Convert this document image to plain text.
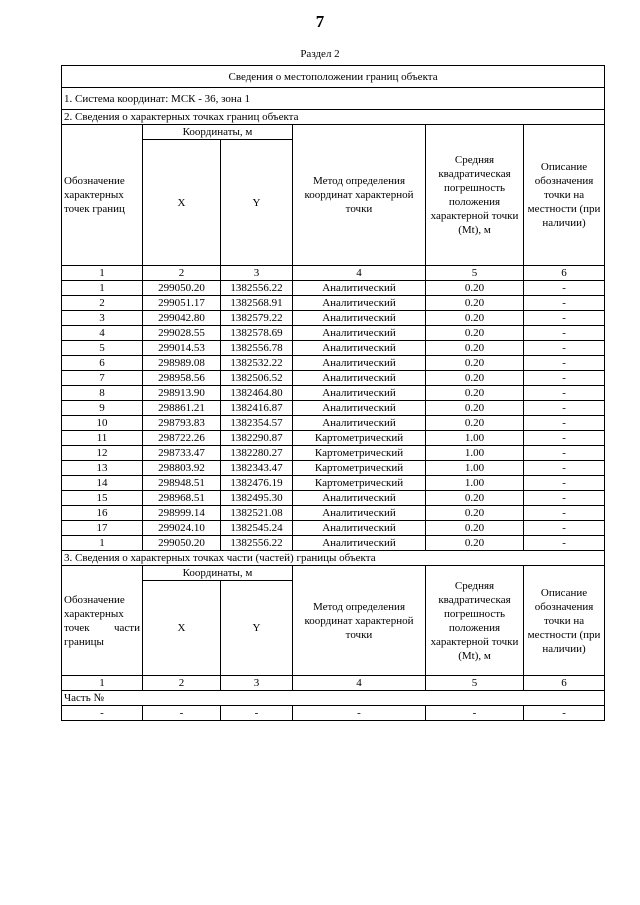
7
Раздел 2
Сведения о местоположении границ объекта					
1. Система координат: МСК - 36, зона 1					
2. Сведения о характерных точках границ объекта					
Обозначение характерных точек границ	Координаты, м		Метод определения координат характерной точки	Средняя квадратическая погрешность положения характерной точки (Mt), м	Описание обозначения точки на местности (при наличии)
	X	Y			
1	2	3	4	5	6
1	299050.20	1382556.22	Аналитический	0.20	-
2	299051.17	1382568.91	Аналитический	0.20	-
3	299042.80	1382579.22	Аналитический	0.20	-
4	299028.55	1382578.69	Аналитический	0.20	-
5	299014.53	1382556.78	Аналитический	0.20	-
6	298989.08	1382532.22	Аналитический	0.20	-
7	298958.56	1382506.52	Аналитический	0.20	-
8	298913.90	1382464.80	Аналитический	0.20	-
9	298861.21	1382416.87	Аналитический	0.20	-
10	298793.83	1382354.57	Аналитический	0.20	-
11	298722.26	1382290.87	Картометрический	1.00	-
12	298733.47	1382280.27	Картометрический	1.00	-
13	298803.92	1382343.47	Картометрический	1.00	-
14	298948.51	1382476.19	Картометрический	1.00	-
15	298968.51	1382495.30	Аналитический	0.20	-
16	298999.14	1382521.08	Аналитический	0.20	-
17	299024.10	1382545.24	Аналитический	0.20	-
1	299050.20	1382556.22	Аналитический	0.20	-
3. Сведения о характерных точках части (частей) границы объекта					
Обозначение характерных точек части границы	Координаты, м		Метод определения координат характерной точки	Средняя квадратическая погрешность положения характерной точки (Mt), м	Описание обозначения точки на местности (при наличии)
	X	Y			
1	2	3	4	5	6
Часть №					
-	-	-	-	-	-
